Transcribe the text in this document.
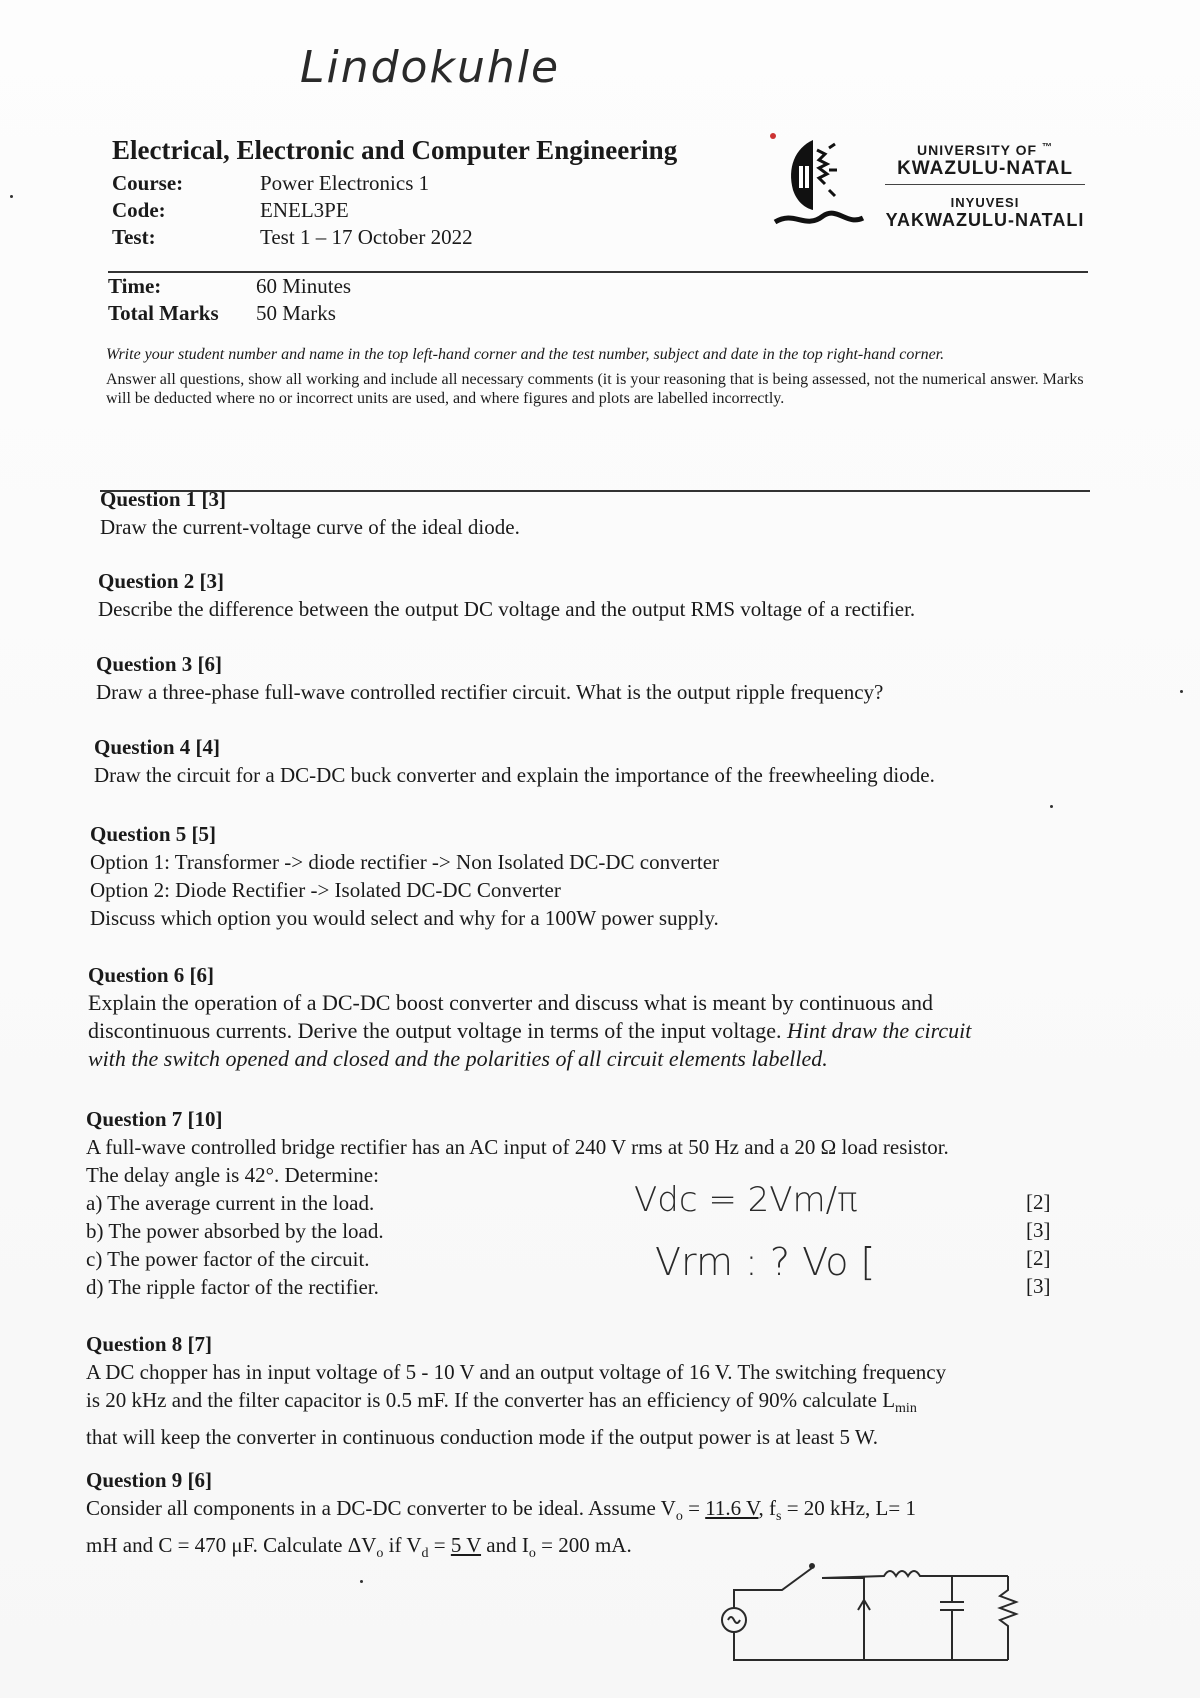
Lindokuhle
Electrical, Electronic and Computer Engineering
Course:	Power Electronics 1
Code:	ENEL3PE
Test:	Test 1 – 17 October 2022
UNIVERSITY OF ™
KWAZULU-NATAL
INYUVESI
YAKWAZULU-NATALI
Time:	60 Minutes
Total Marks	50 Marks
Write your student number and name in the top left-hand corner and the test number, subject and date in the top right-hand corner.
Answer all questions, show all working and include all necessary comments (it is your reasoning that is being assessed, not the numerical answer. Marks will be deducted where no or incorrect units are used, and where figures and plots are labelled incorrectly.
Question 1 [3]
Draw the current-voltage curve of the ideal diode.
Question 2 [3]
Describe the difference between the output DC voltage and the output RMS voltage of a rectifier.
Question 3 [6]
Draw a three-phase full-wave controlled rectifier circuit. What is the output ripple frequency?
Question 4 [4]
Draw the circuit for a DC-DC buck converter and explain the importance of the freewheeling diode.
Question 5 [5]
Option 1: Transformer -> diode rectifier -> Non Isolated DC-DC converter
Option 2: Diode Rectifier -> Isolated DC-DC Converter
Discuss which option you would select and why for a 100W power supply.
Question 6 [6]
Explain the operation of a DC-DC boost converter and discuss what is meant by continuous and
discontinuous currents. Derive the output voltage in terms of the input voltage. Hint draw the circuit
with the switch opened and closed and the polarities of all circuit elements labelled.
Question 7 [10]
A full-wave controlled bridge rectifier has an AC input of 240 V rms at 50 Hz and a 20 Ω load resistor.
The delay angle is 42°. Determine:
a) The average current in the load.	[2]
b) The power absorbed by the load.	[3]
c) The power factor of the circuit.	[2]
d) The ripple factor of the rectifier.	[3]
Vdc = 2Vm/π
Vrm : ? Vo [
Question 8 [7]
A DC chopper has in input voltage of 5 - 10 V and an output voltage of 16 V. The switching frequency
is 20 kHz and the filter capacitor is 0.5 mF. If the converter has an efficiency of 90% calculate $L_{min}$
that will keep the converter in continuous conduction mode if the output power is at least 5 W.
Question 9 [6]
Consider all components in a DC-DC converter to be ideal. Assume $V_o = 11.6$ V, $f_s = 20$ kHz, L= 1
mH and C = 470 μF. Calculate $\Delta V_o$ if $V_d = 5$ V and $I_o = 200$ mA.
